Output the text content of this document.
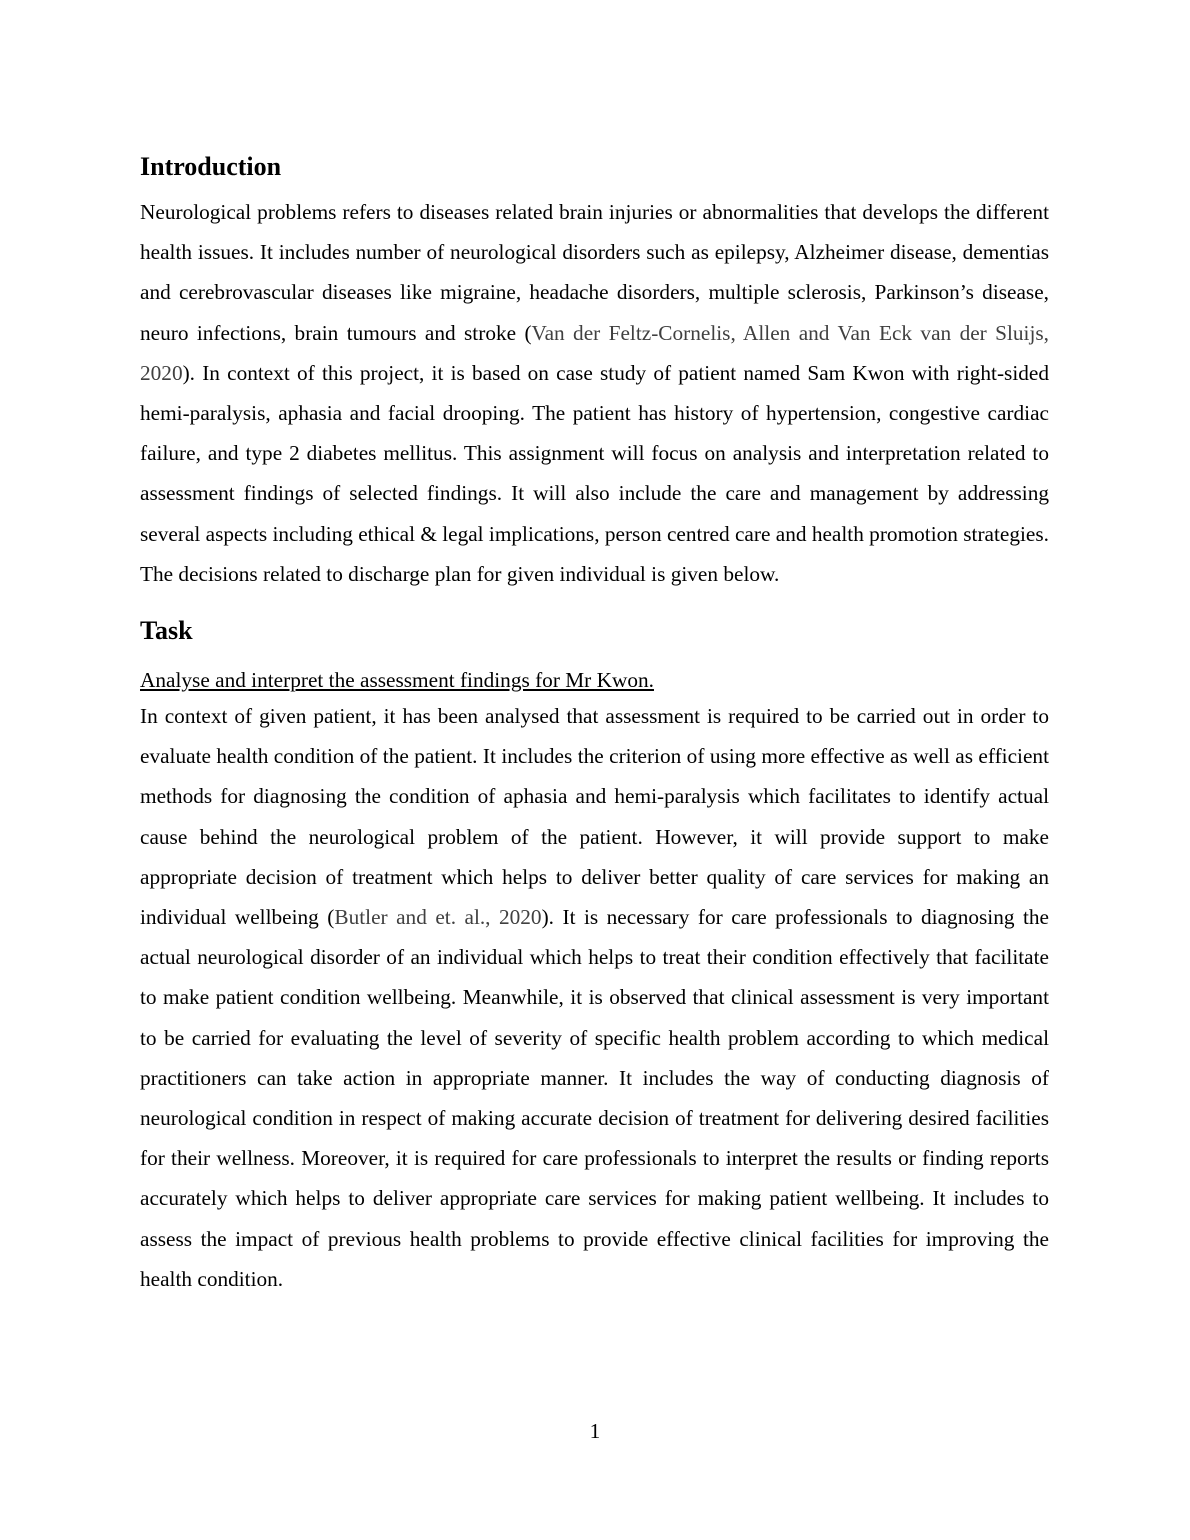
Introduction

Neurological problems refers to diseases related brain injuries or abnormalities that develops the different health issues. It includes number of neurological disorders such as epilepsy, Alzheimer disease, dementias and cerebrovascular diseases like migraine, headache disorders, multiple sclerosis, Parkinson’s disease, neuro infections, brain tumours and stroke (Van der Feltz-Cornelis, Allen and Van Eck van der Sluijs, 2020). In context of this project, it is based on case study of patient named Sam Kwon with right-sided hemi-paralysis, aphasia and facial drooping. The patient has history of hypertension, congestive cardiac failure, and type 2 diabetes mellitus. This assignment will focus on analysis and interpretation related to assessment findings of selected findings. It will also include the care and management by addressing several aspects including ethical & legal implications, person centred care and health promotion strategies. The decisions related to discharge plan for given individual is given below.

Task
Analyse and interpret the assessment findings for Mr Kwon.

In context of given patient, it has been analysed that assessment is required to be carried out in order to evaluate health condition of the patient. It includes the criterion of using more effective as well as efficient methods for diagnosing the condition of aphasia and hemi-paralysis which facilitates to identify actual cause behind the neurological problem of the patient. However, it will provide support to make appropriate decision of treatment which helps to deliver better quality of care services for making an individual wellbeing (Butler and et. al., 2020). It is necessary for care professionals to diagnosing the actual neurological disorder of an individual which helps to treat their condition effectively that facilitate to make patient condition wellbeing. Meanwhile, it is observed that clinical assessment is very important to be carried for evaluating the level of severity of specific health problem according to which medical practitioners can take action in appropriate manner. It includes the way of conducting diagnosis of neurological condition in respect of making accurate decision of treatment for delivering desired facilities for their wellness. Moreover, it is required for care professionals to interpret the results or finding reports accurately which helps to deliver appropriate care services for making patient wellbeing. It includes to assess the impact of previous health problems to provide effective clinical facilities for improving the health condition.

1
